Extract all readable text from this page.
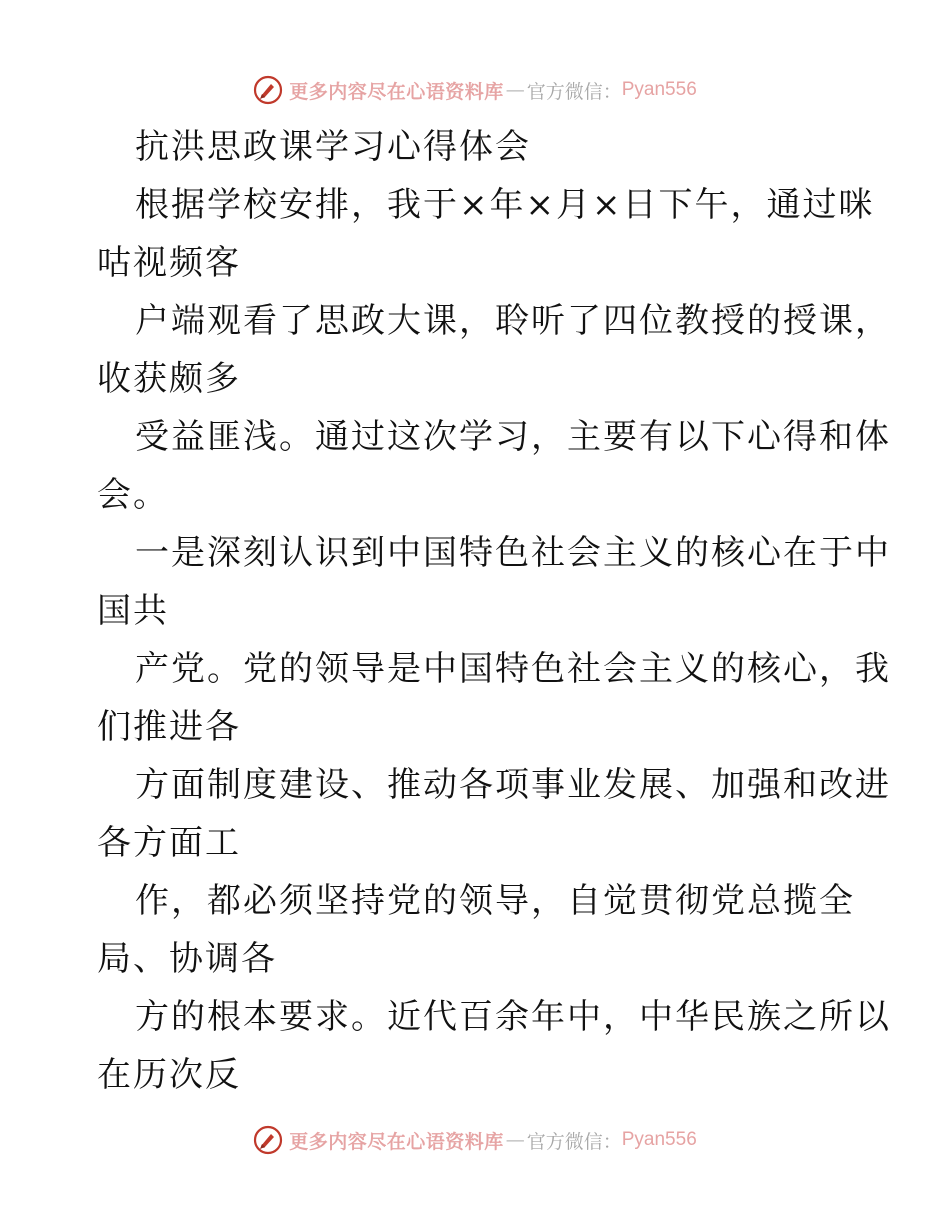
更多内容尽在心语资料库 — 官方微信： Pyan556
抗洪思政课学习心得体会
根据学校安排，我于×年×月×日下午，通过咪
咕视频客
户端观看了思政大课，聆听了四位教授的授课，
收获颇多
受益匪浅。通过这次学习，主要有以下心得和体
会。
一是深刻认识到中国特色社会主义的核心在于中
国共
产党。党的领导是中国特色社会主义的核心，我
们推进各
方面制度建设、推动各项事业发展、加强和改进
各方面工
作，都必须坚持党的领导，自觉贯彻党总揽全
局、协调各
方的根本要求。近代百余年中，中华民族之所以
在历次反
更多内容尽在心语资料库 — 官方微信： Pyan556
